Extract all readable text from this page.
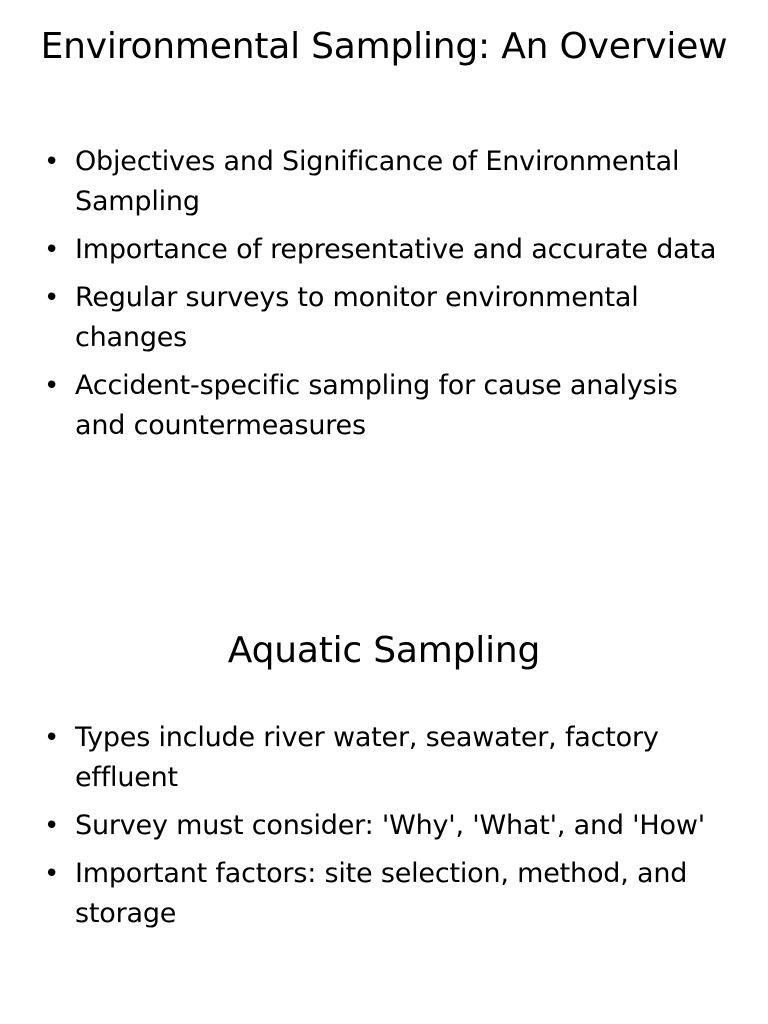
Environmental Sampling: An Overview
• Objectives and Significance of Environmental Sampling
• Importance of representative and accurate data
• Regular surveys to monitor environmental changes
• Accident-specific sampling for cause analysis and countermeasures
Aquatic Sampling
• Types include river water, seawater, factory effluent
• Survey must consider: 'Why', 'What', and 'How'
• Important factors: site selection, method, and storage
